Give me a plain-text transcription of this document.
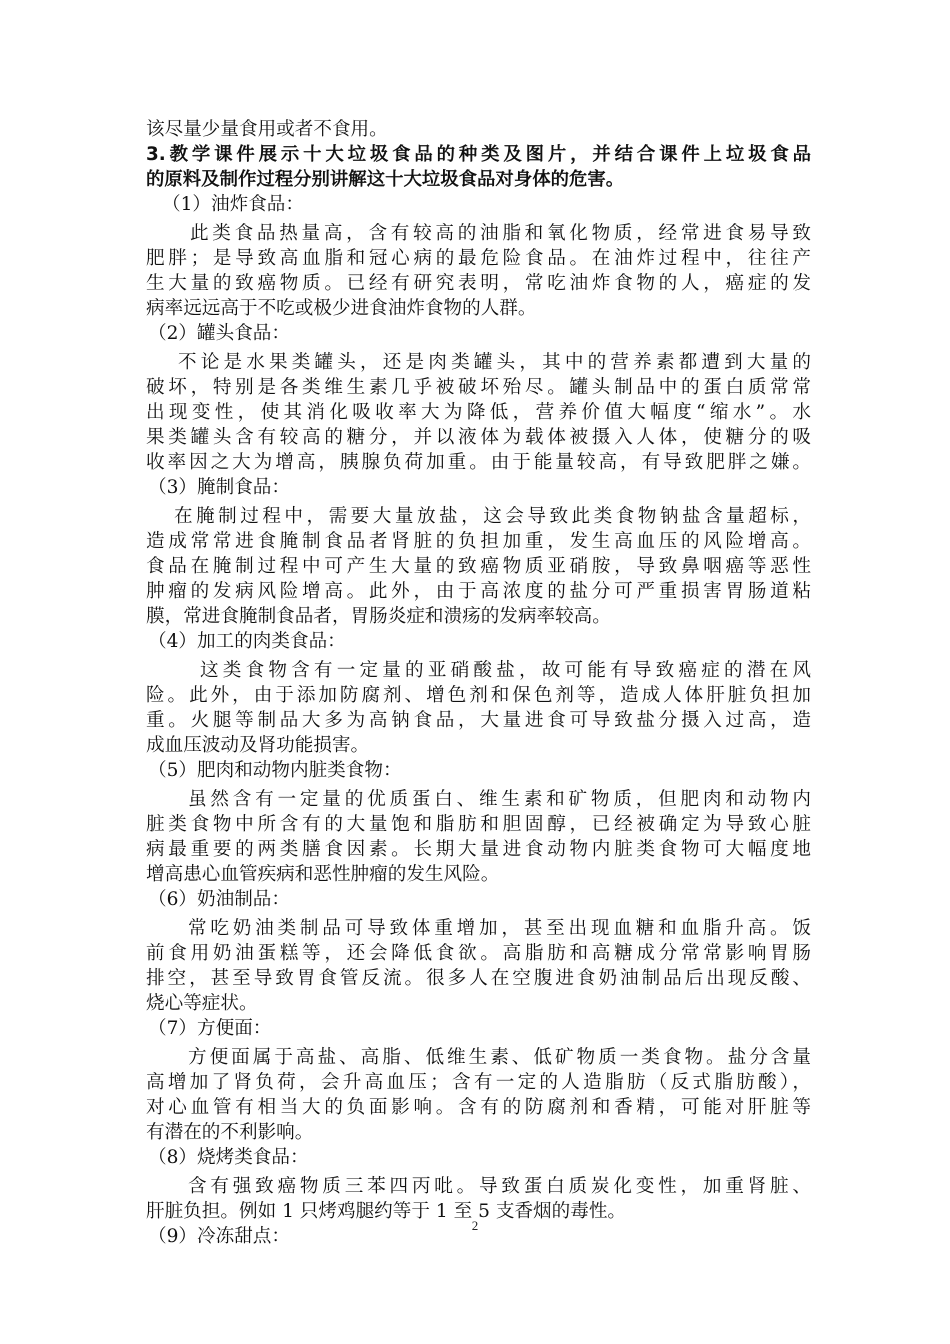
该尽量少量食用或者不食用。
3.教学课件展示十大垃圾食品的种类及图片，并结合课件上垃圾食品
的原料及制作过程分别讲解这十大垃圾食品对身体的危害。
（1）油炸食品：
此类食品热量高，含有较高的油脂和氧化物质，经常进食易导致
肥胖；是导致高血脂和冠心病的最危险食品。在油炸过程中，往往产
生大量的致癌物质。已经有研究表明，常吃油炸食物的人，癌症的发
病率远远高于不吃或极少进食油炸食物的人群。
（2）罐头食品：
不论是水果类罐头，还是肉类罐头，其中的营养素都遭到大量的
破坏，特别是各类维生素几乎被破坏殆尽。罐头制品中的蛋白质常常
出现变性，使其消化吸收率大为降低，营养价值大幅度“缩水”。水
果类罐头含有较高的糖分，并以液体为载体被摄入人体，使糖分的吸
收率因之大为增高，胰腺负荷加重。由于能量较高，有导致肥胖之嫌。
（3）腌制食品：
在腌制过程中，需要大量放盐，这会导致此类食物钠盐含量超标，
造成常常进食腌制食品者肾脏的负担加重，发生高血压的风险增高。
食品在腌制过程中可产生大量的致癌物质亚硝胺，导致鼻咽癌等恶性
肿瘤的发病风险增高。此外，由于高浓度的盐分可严重损害胃肠道粘
膜，常进食腌制食品者，胃肠炎症和溃疡的发病率较高。
（4）加工的肉类食品：
这类食物含有一定量的亚硝酸盐，故可能有导致癌症的潜在风
险。此外，由于添加防腐剂、增色剂和保色剂等，造成人体肝脏负担加
重。火腿等制品大多为高钠食品，大量进食可导致盐分摄入过高，造
成血压波动及肾功能损害。
（5）肥肉和动物内脏类食物：
虽然含有一定量的优质蛋白、维生素和矿物质，但肥肉和动物内
脏类食物中所含有的大量饱和脂肪和胆固醇，已经被确定为导致心脏
病最重要的两类膳食因素。长期大量进食动物内脏类食物可大幅度地
增高患心血管疾病和恶性肿瘤的发生风险。
（6）奶油制品：
常吃奶油类制品可导致体重增加，甚至出现血糖和血脂升高。饭
前食用奶油蛋糕等，还会降低食欲。高脂肪和高糖成分常常影响胃肠
排空，甚至导致胃食管反流。很多人在空腹进食奶油制品后出现反酸、
烧心等症状。
（7）方便面：
方便面属于高盐、高脂、低维生素、低矿物质一类食物。盐分含量
高增加了肾负荷，会升高血压；含有一定的人造脂肪（反式脂肪酸），
对心血管有相当大的负面影响。含有的防腐剂和香精，可能对肝脏等
有潜在的不利影响。
（8）烧烤类食品：
含有强致癌物质三苯四丙吡。导致蛋白质炭化变性，加重肾脏、
肝脏负担。例如 1 只烤鸡腿约等于 1 至 5 支香烟的毒性。
（9）冷冻甜点：
2
